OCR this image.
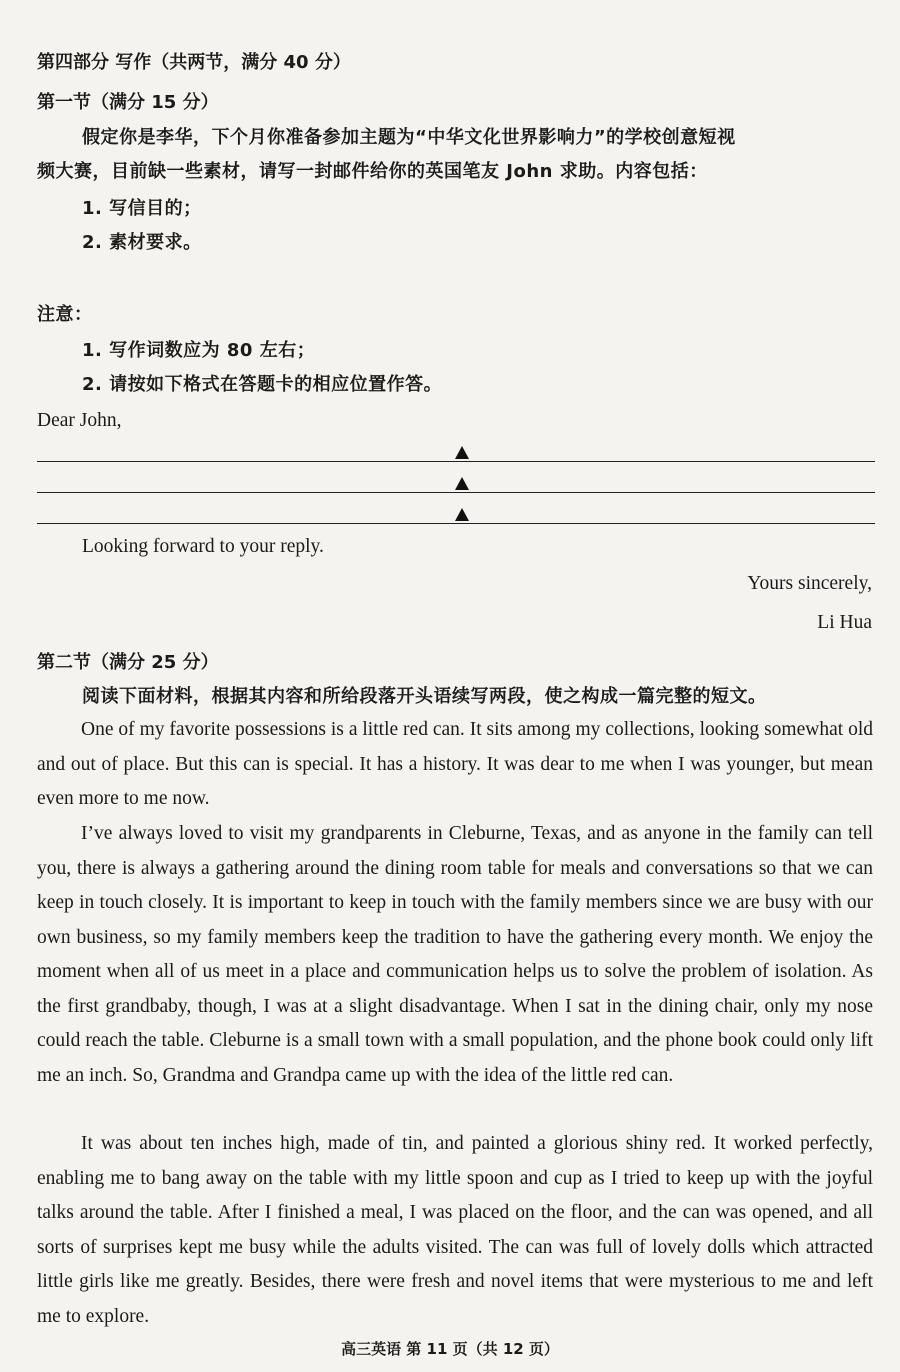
第四部分 写作（共两节，满分 40 分）
第一节（满分 15 分）
假定你是李华，下个月你准备参加主题为“中华文化世界影响力”的学校创意短视
频大赛，目前缺一些素材，请写一封邮件给你的英国笔友 John 求助。内容包括：
1. 写信目的；
2. 素材要求。
注意：
1. 写作词数应为 80 左右；
2. 请按如下格式在答题卡的相应位置作答。
Dear John,
Looking forward to your reply.
Yours sincerely,
Li Hua
第二节（满分 25 分）
阅读下面材料，根据其内容和所给段落开头语续写两段，使之构成一篇完整的短文。
One of my favorite possessions is a little red can. It sits among my collections, looking somewhat old and out of place. But this can is special. It has a history. It was dear to me when I was younger, but mean even more to me now.
I’ve always loved to visit my grandparents in Cleburne, Texas, and as anyone in the family can tell you, there is always a gathering around the dining room table for meals and conversations so that we can keep in touch closely. It is important to keep in touch with the family members since we are busy with our own business, so my family members keep the tradition to have the gathering every month. We enjoy the moment when all of us meet in a place and communication helps us to solve the problem of isolation. As the first grandbaby, though, I was at a slight disadvantage. When I sat in the dining chair, only my nose could reach the table. Cleburne is a small town with a small population, and the phone book could only lift me an inch. So, Grandma and Grandpa came up with the idea of the little red can.
It was about ten inches high, made of tin, and painted a glorious shiny red. It worked perfectly, enabling me to bang away on the table with my little spoon and cup as I tried to keep up with the joyful talks around the table. After I finished a meal, I was placed on the floor, and the can was opened, and all sorts of surprises kept me busy while the adults visited. The can was full of lovely dolls which attracted little girls like me greatly. Besides, there were fresh and novel items that were mysterious to me and left me to explore.
高三英语 第 11 页（共 12 页）
